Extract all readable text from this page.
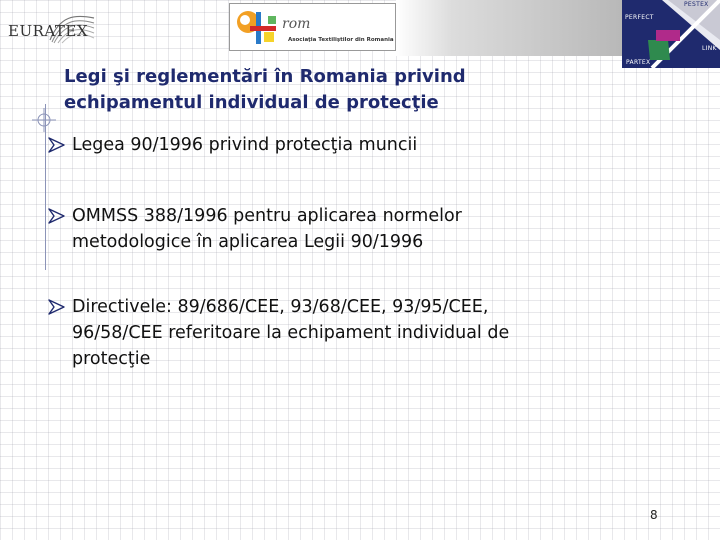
EURATEX	rom
Asociaţia Textiliştilor din Romania
PESTEX
PERFECT
LINK
PARTEX
Legi şi reglementări în Romania privind
echipamentul individual de protecţie
Legea 90/1996 privind protecţia muncii
OMMSS 388/1996 pentru aplicarea normelor
metodologice în aplicarea Legii 90/1996
Directivele: 89/686/CEE, 93/68/CEE, 93/95/CEE,
96/58/CEE referitoare la echipament individual de
protecţie
8
